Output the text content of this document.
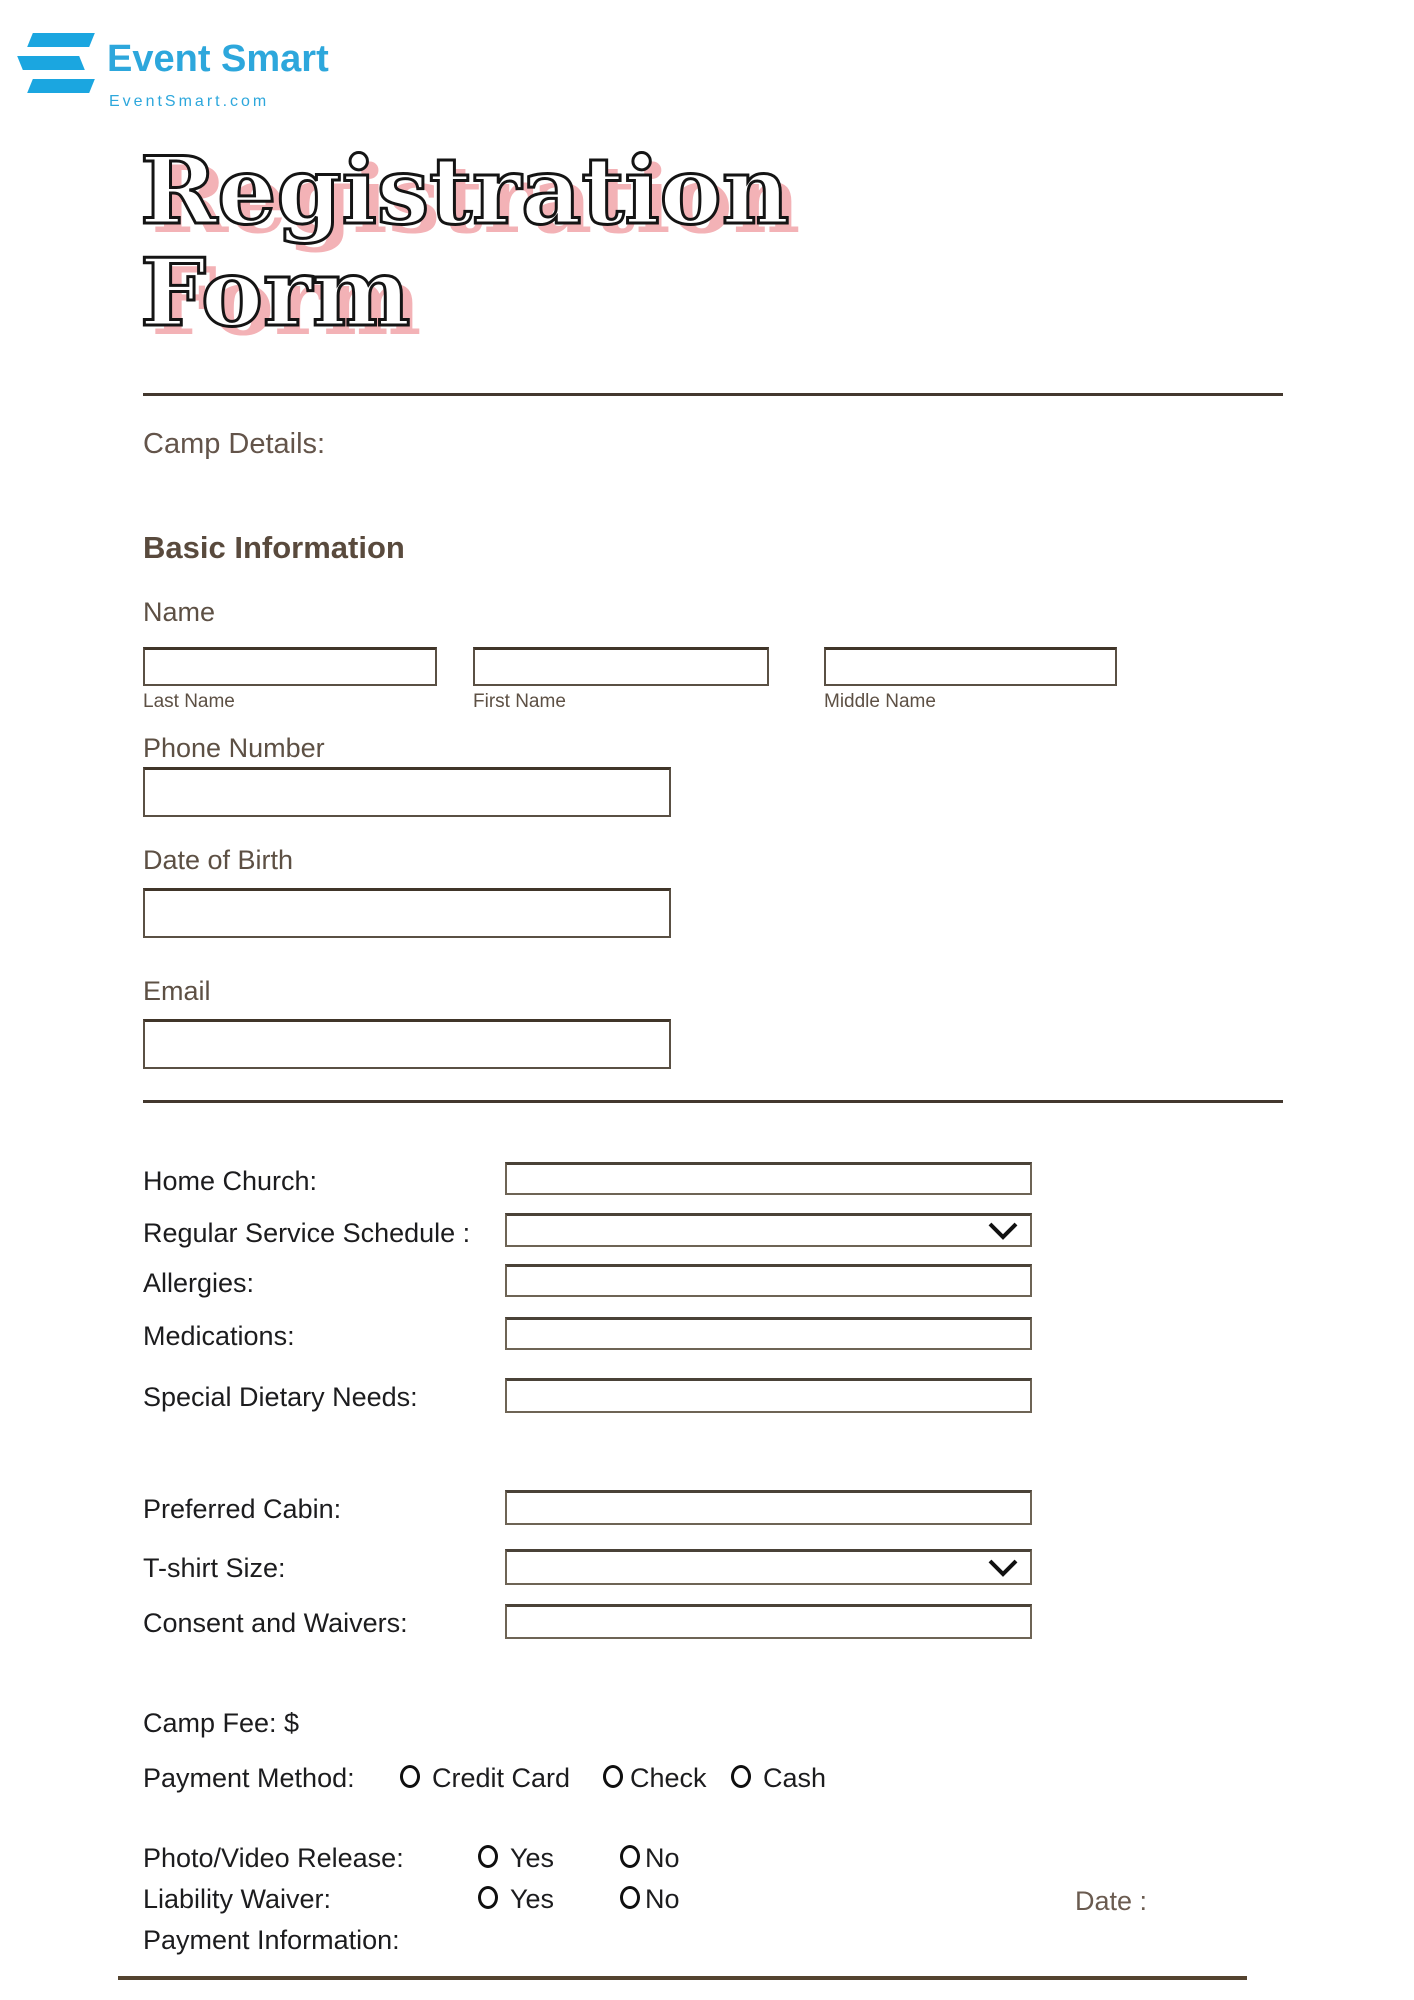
Event Smart
EventSmart.com
Registration
Form
Camp Details:
Basic Information
Name
Last Name	First Name	Middle Name
Phone Number
Date of Birth
Email
Home Church:
Regular Service Schedule :
Allergies:
Medications:
Special Dietary Needs:
Preferred Cabin:
T-shirt Size:
Consent and Waivers:
Camp Fee: $
Payment Method:	Credit Card Check Cash
Photo/Video Release:	Yes	No
Liability Waiver:	Yes	No	Date :
Payment Information:
